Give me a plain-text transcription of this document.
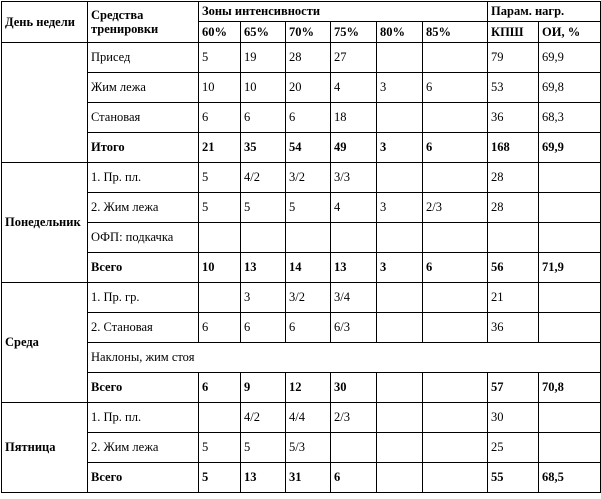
День недели	Средства тренировки	Зоны интенсивности						Парам. нагр.	
		60%	65%	70%	75%	80%	85%	КПШ	ОИ, %
	Присед	5	19	28	27			79	69,9
	Жим лежа	10	10	20	4	3	6	53	69,8
	Становая	6	6	6	18			36	68,3
	Итого	21	35	54	49	3	6	168	69,9
Понедельник	1. Пр. пл.	5	4/2	3/2	3/3			28	
	2. Жим лежа	5	5	5	4	3	2/3	28	
	ОФП: подкачка								
	Всего	10	13	14	13	3	6	56	71,9
Среда	1. Пр. гр.		3	3/2	3/4			21	
	2. Становая	6	6	6	6/3			36	
	Наклоны, жим стоя								
	Всего	6	9	12	30			57	70,8
Пятница	1. Пр. пл.		4/2	4/4	2/3			30	
	2. Жим лежа	5	5	5/3				25	
	Всего	5	13	31	6			55	68,5
